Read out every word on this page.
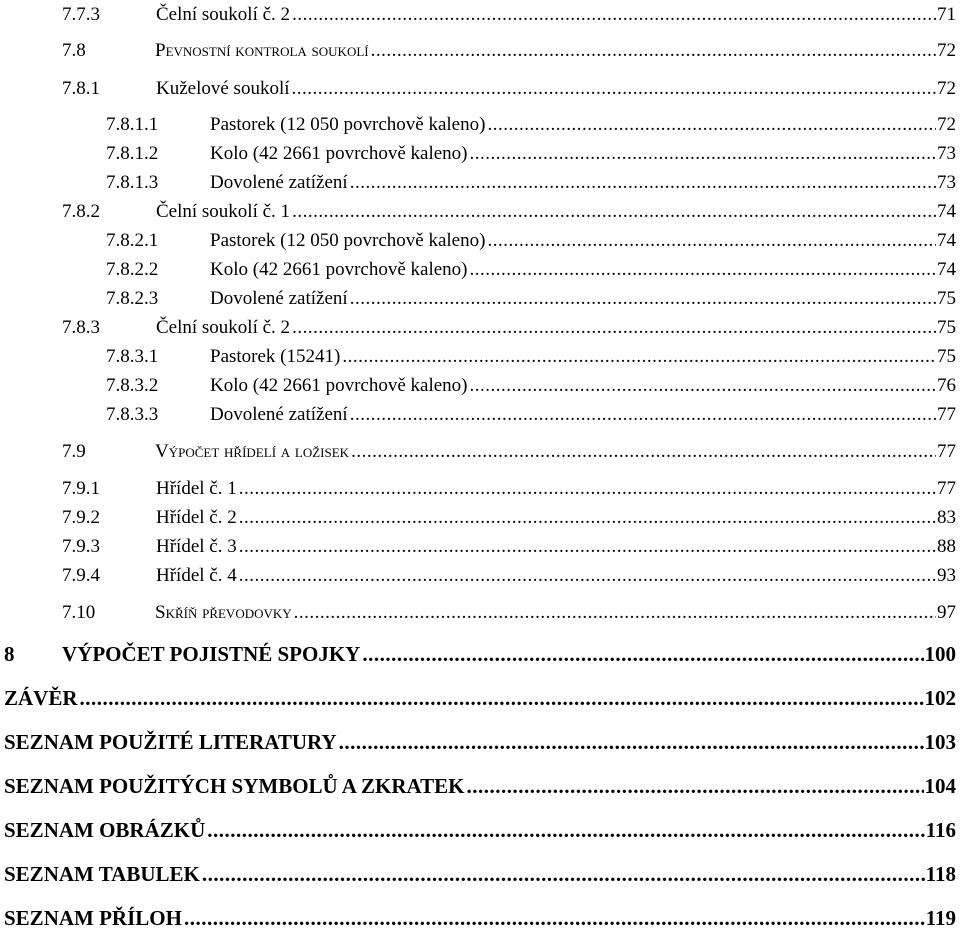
7.7.3	Čelní soukolí č. 2 .....	71
7.8	Pevnostní kontrola soukolí .....	72
7.8.1	Kuželové soukolí .....	72
7.8.1.1	Pastorek (12 050 povrchově kaleno) .....	72
7.8.1.2	Kolo (42 2661 povrchově kaleno) .....	73
7.8.1.3	Dovolené zatížení .....	73
7.8.2	Čelní soukolí č. 1 .....	74
7.8.2.1	Pastorek (12 050 povrchově kaleno) .....	74
7.8.2.2	Kolo (42 2661 povrchově kaleno) .....	74
7.8.2.3	Dovolené zatížení .....	75
7.8.3	Čelní soukolí č. 2 .....	75
7.8.3.1	Pastorek (15241) .....	75
7.8.3.2	Kolo (42 2661 povrchově kaleno) .....	76
7.8.3.3	Dovolené zatížení .....	77
7.9	Výpočet hřídelí a ložisek .....	77
7.9.1	Hřídel č. 1 .....	77
7.9.2	Hřídel č. 2 .....	83
7.9.3	Hřídel č. 3 .....	88
7.9.4	Hřídel č. 4 .....	93
7.10	Skříň převodovky .....	97
8	VÝPOČET POJISTNÉ SPOJKY .....	100
ZÁVĚR .....	102
SEZNAM POUŽITÉ LITERATURY .....	103
SEZNAM POUŽITÝCH SYMBOLŮ A ZKRATEK .....	104
SEZNAM OBRÁZKŮ .....	116
SEZNAM TABULEK .....	118
SEZNAM PŘÍLOH .....	119
